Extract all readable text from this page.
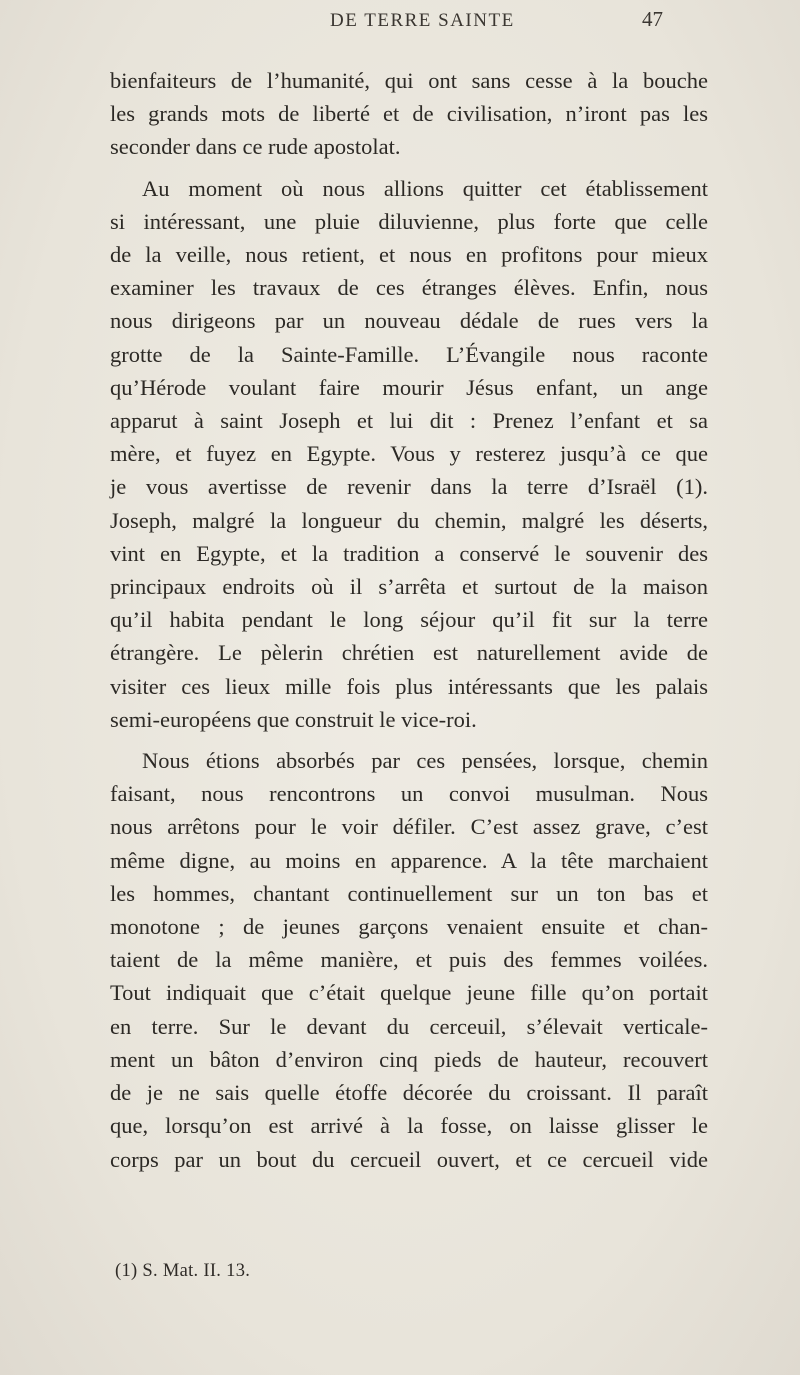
DE TERRE SAINTE	47

bienfaiteurs de l’humanité, qui ont sans cesse à la bouche
les grands mots de liberté et de civilisation, n’iront pas les
seconder dans ce rude apostolat.

Au moment où nous allions quitter cet établissement
si intéressant, une pluie diluvienne, plus forte que celle
de la veille, nous retient, et nous en profitons pour mieux
examiner les travaux de ces étranges élèves. Enfin, nous
nous dirigeons par un nouveau dédale de rues vers la
grotte de la Sainte-Famille. L’Évangile nous raconte
qu’Hérode voulant faire mourir Jésus enfant, un ange
apparut à saint Joseph et lui dit : Prenez l’enfant et sa
mère, et fuyez en Egypte. Vous y resterez jusqu’à ce que
je vous avertisse de revenir dans la terre d’Israël (1).
Joseph, malgré la longueur du chemin, malgré les déserts,
vint en Egypte, et la tradition a conservé le souvenir des
principaux endroits où il s’arrêta et surtout de la maison
qu’il habita pendant le long séjour qu’il fit sur la terre
étrangère. Le pèlerin chrétien est naturellement avide de
visiter ces lieux mille fois plus intéressants que les palais
semi-européens que construit le vice-roi.

Nous étions absorbés par ces pensées, lorsque, chemin
faisant, nous rencontrons un convoi musulman. Nous
nous arrêtons pour le voir défiler. C’est assez grave, c’est
même digne, au moins en apparence. A la tête marchaient
les hommes, chantant continuellement sur un ton bas et
monotone ; de jeunes garçons venaient ensuite et chan-
taient de la même manière, et puis des femmes voilées.
Tout indiquait que c’était quelque jeune fille qu’on portait
en terre. Sur le devant du cerceuil, s’élevait verticale-
ment un bâton d’environ cinq pieds de hauteur, recouvert
de je ne sais quelle étoffe décorée du croissant. Il paraît
que, lorsqu’on est arrivé à la fosse, on laisse glisser le
corps par un bout du cercueil ouvert, et ce cercueil vide

(1) S. Mat. II. 13.
